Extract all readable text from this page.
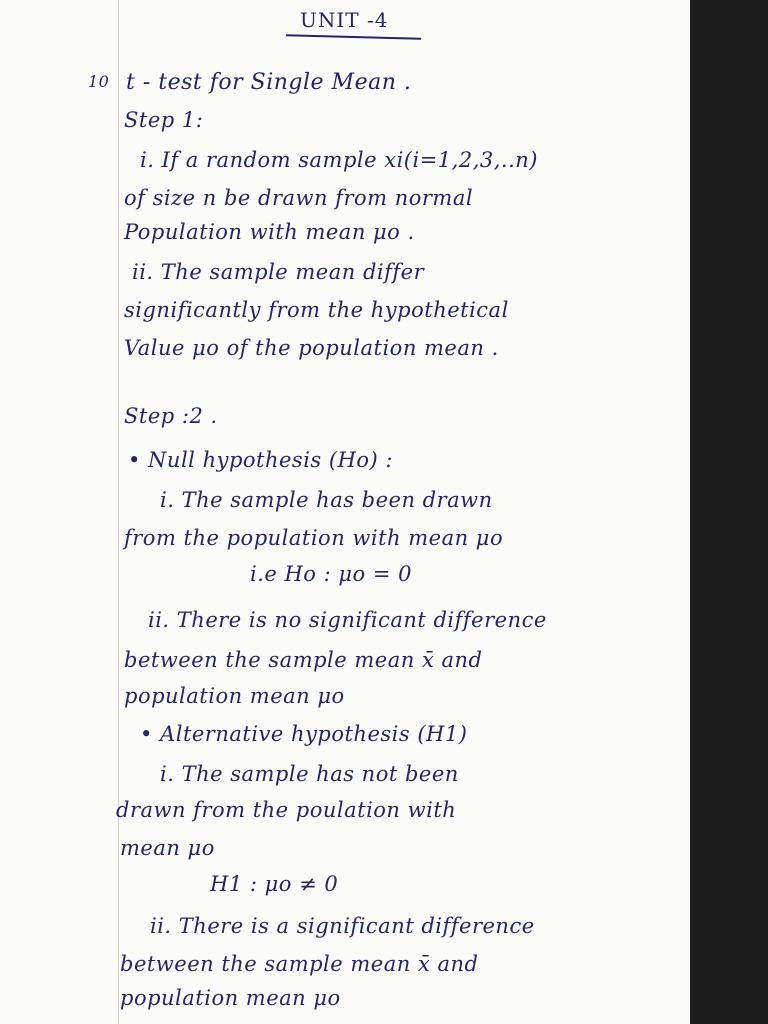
UNIT -4
10 t - test for Single Mean .
Step 1:
i. If a random sample xi(i=1,2,3,..n)
of size n be drawn from normal
Population with mean μo .
ii. The sample mean differ
significantly from the hypothetical
Value μo of the population mean .
Step :2 .
• Null hypothesis (Ho) :
i. The sample has been drawn
from the population with mean μo
i.e Ho : μo = 0
ii. There is no significant difference
between the sample mean x̄ and
population mean μo
• Alternative hypothesis (H1)
i. The sample has not been
drawn from the poulation with
mean μo
H1 : μo ≠ 0
ii. There is a significant difference
between the sample mean x̄ and
population mean μo
